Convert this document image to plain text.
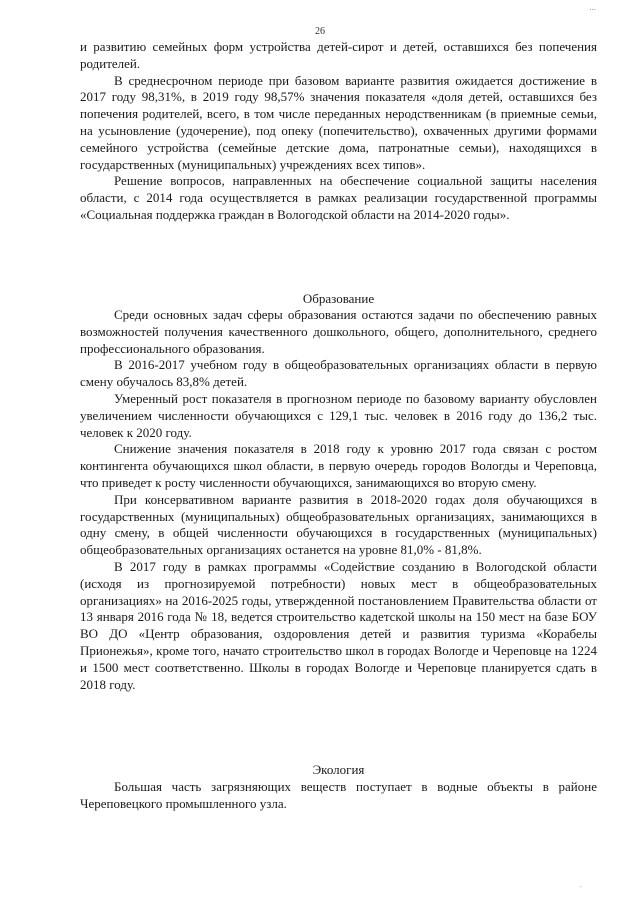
...
26

и развитию семейных форм устройства детей-сирот и детей, оставшихся без попечения родителей.

В среднесрочном периоде при базовом варианте развития ожидается достижение в 2017 году 98,31%, в 2019 году 98,57% значения показателя «доля детей, оставшихся без попечения родителей, всего, в том числе переданных неродственникам (в приемные семьи, на усыновление (удочерение), под опеку (попечительство), охваченных другими формами семейного устройства (семейные детские дома, патронатные семьи), находящихся в государственных (муниципальных) учреждениях всех типов».

Решение вопросов, направленных на обеспечение социальной защиты населения области, с 2014 года осуществляется в рамках реализации государственной программы «Социальная поддержка граждан в Вологодской области на 2014-2020 годы».

Образование

Среди основных задач сферы образования остаются задачи по обеспечению равных возможностей получения качественного дошкольного, общего, дополнительного, среднего профессионального образования.

В 2016-2017 учебном году в общеобразовательных организациях области в первую смену обучалось 83,8% детей.

Умеренный рост показателя в прогнозном периоде по базовому варианту обусловлен увеличением численности обучающихся с 129,1 тыс. человек в 2016 году до 136,2 тыс. человек к 2020 году.

Снижение значения показателя в 2018 году к уровню 2017 года связан с ростом контингента обучающихся школ области, в первую очередь городов Вологды и Череповца, что приведет к росту численности обучающихся, занимающихся во вторую смену.

При консервативном варианте развития в 2018-2020 годах доля обучающихся в государственных (муниципальных) общеобразовательных организациях, занимающихся в одну смену, в общей численности обучающихся в государственных (муниципальных) общеобразовательных организациях останется на уровне 81,0% - 81,8%.

В 2017 году в рамках программы «Содействие созданию в Вологодской области (исходя из прогнозируемой потребности) новых мест в общеобразовательных организациях» на 2016-2025 годы, утвержденной постановлением Правительства области от 13 января 2016 года № 18, ведется строительство кадетской школы на 150 мест на базе БОУ ВО ДО «Центр образования, оздоровления детей и развития туризма «Корабелы Прионежья», кроме того, начато строительство школ в городах Вологде и Череповце на 1224 и 1500 мест соответственно. Школы в городах Вологде и Череповце планируется сдать в 2018 году.

Экология

Большая часть загрязняющих веществ поступает в водные объекты в районе Череповецкого промышленного узла.

-
